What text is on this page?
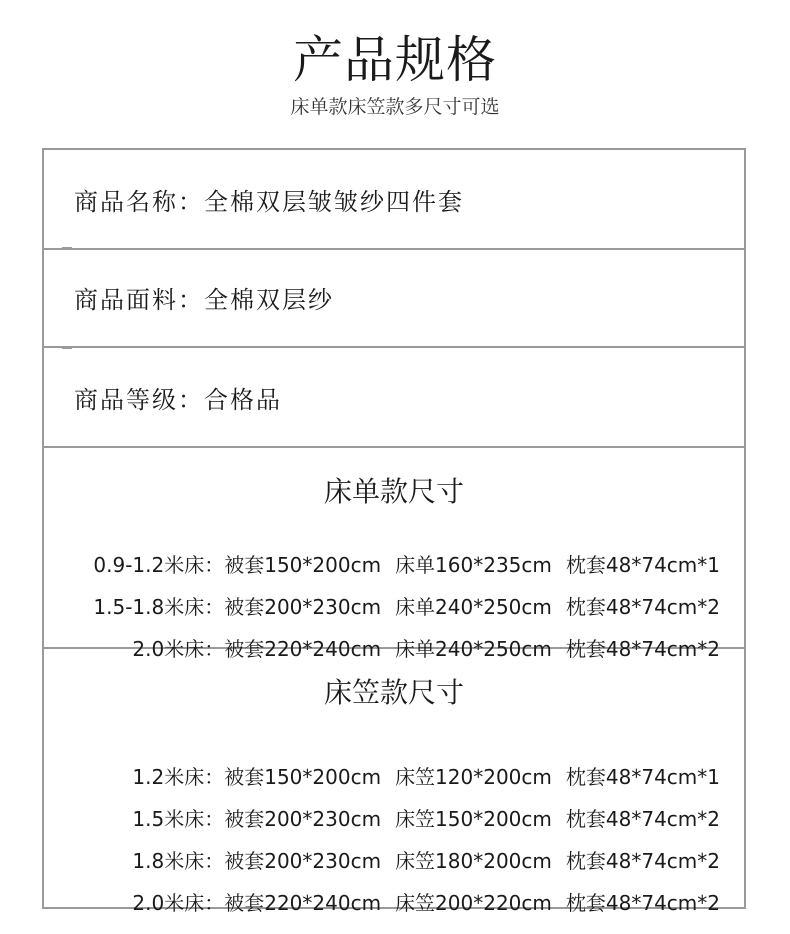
产品规格
床单款床笠款多尺寸可选
商品名称： 全棉双层皱皱纱四件套
商品面料： 全棉双层纱
商品等级： 合格品
床单款尺寸

0.9-1.2米床：被套150*200cm 床单160*235cm 枕套48*74cm*1

1.5-1.8米床：被套200*230cm 床单240*250cm 枕套48*74cm*2

2.0米床：被套220*240cm 床单240*250cm 枕套48*74cm*2

床笠款尺寸

1.2米床：被套150*200cm 床笠120*200cm 枕套48*74cm*1

1.5米床：被套200*230cm 床笠150*200cm 枕套48*74cm*2

1.8米床：被套200*230cm 床笠180*200cm 枕套48*74cm*2

2.0米床：被套220*240cm 床笠200*220cm 枕套48*74cm*2
